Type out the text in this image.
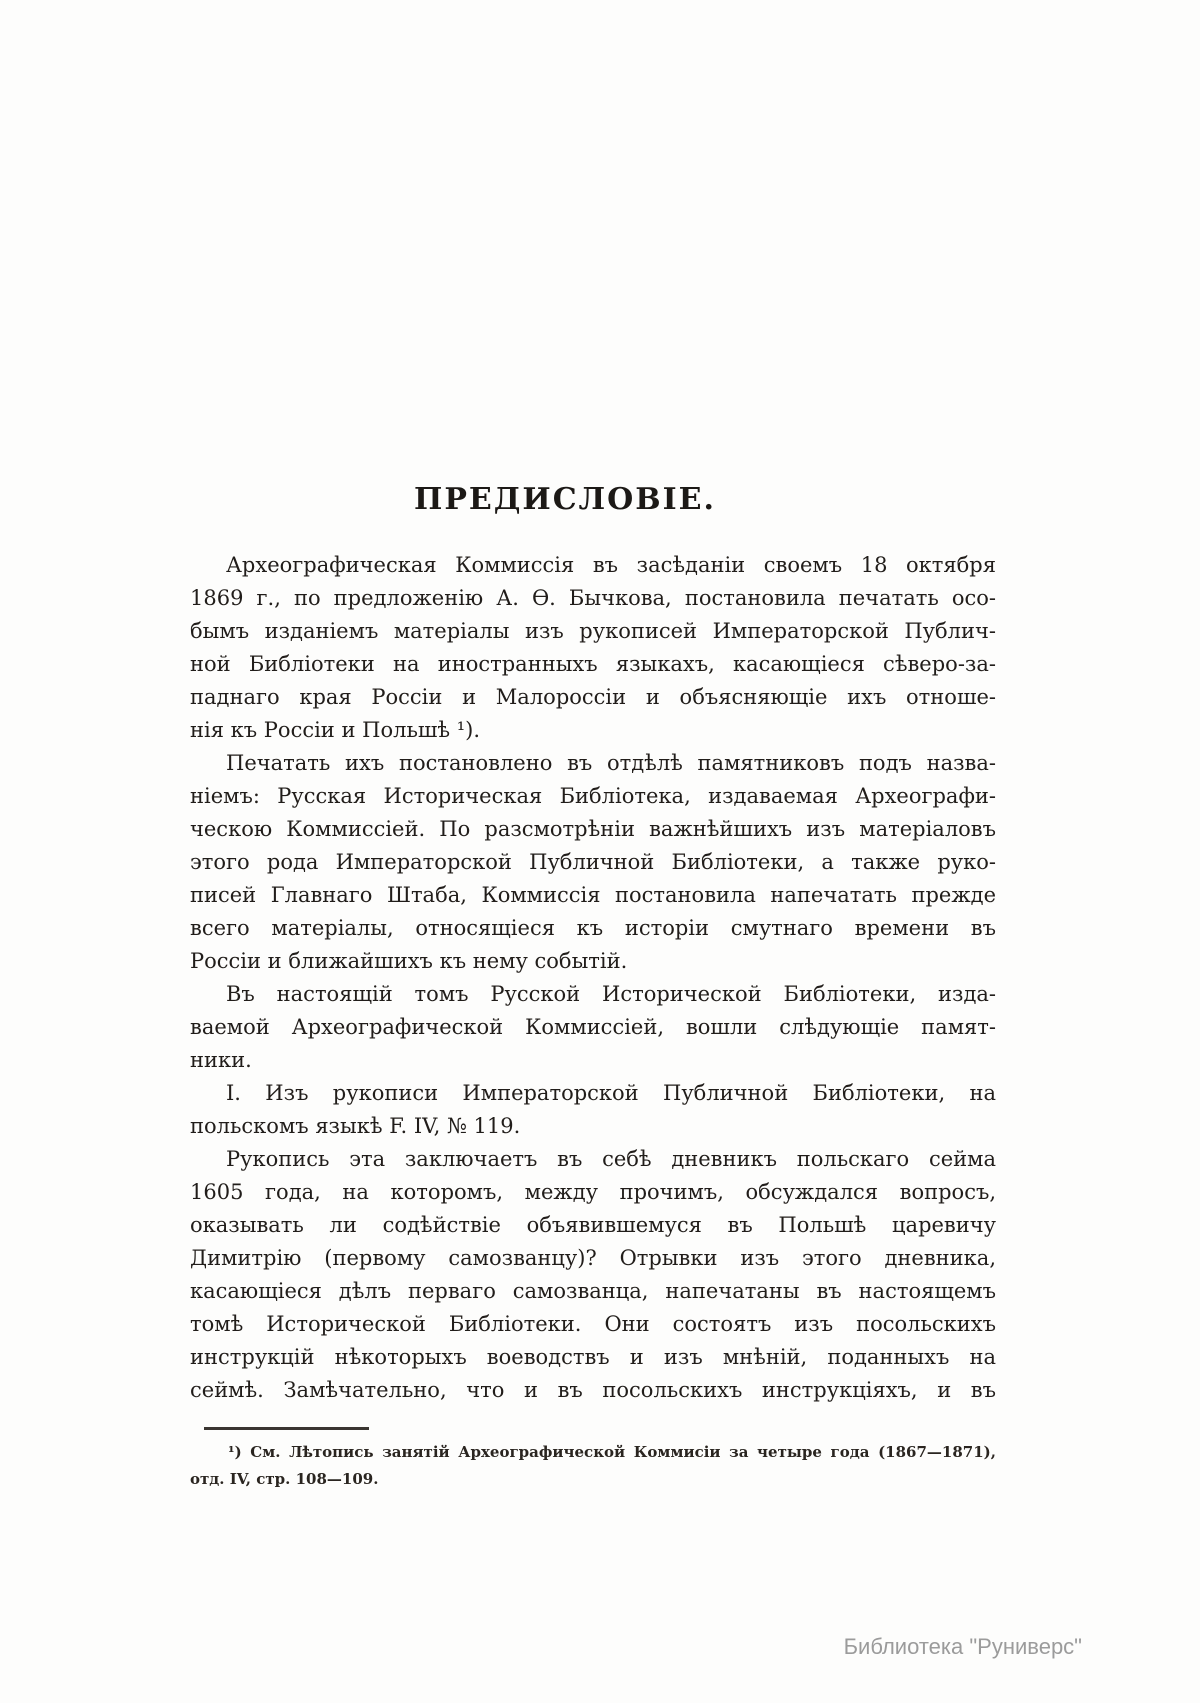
ПРЕДИСЛОВІЕ.
Археографическая Коммиссія въ засѣданіи своемъ 18 октября
1869 г., по предложенію А. Ѳ. Бычкова, постановила печатать осо-
бымъ изданіемъ матеріалы изъ рукописей Императорской Публич-
ной Библіотеки на иностранныхъ языкахъ, касающіеся сѣверо-за-
паднаго края Россіи и Малороссіи и объясняющіе ихъ отноше-
нія къ Россіи и Польшѣ ¹).
Печатать ихъ постановлено въ отдѣлѣ памятниковъ подъ назва-
ніемъ: Русская Историческая Библіотека, издаваемая Археографи-
ческою Коммиссіей. По разсмотрѣніи важнѣйшихъ изъ матеріаловъ
этого рода Императорской Публичной Библіотеки, а также руко-
писей Главнаго Штаба, Коммиссія постановила напечатать прежде
всего матеріалы, относящіеся къ исторіи смутнаго времени въ
Россіи и ближайшихъ къ нему событій.
Въ настоящій томъ Русской Исторической Библіотеки, изда-
ваемой Археографической Коммиссіей, вошли слѣдующіе памят-
ники.
I. Изъ рукописи Императорской Публичной Библіотеки, на
польскомъ языкѣ F. IV, № 119.
Рукопись эта заключаетъ въ себѣ дневникъ польскаго сейма
1605 года, на которомъ, между прочимъ, обсуждался вопросъ,
оказывать ли содѣйствіе объявившемуся въ Польшѣ царевичу
Димитрію (первому самозванцу)? Отрывки изъ этого дневника,
касающіеся дѣлъ перваго самозванца, напечатаны въ настоящемъ
томѣ Исторической Библіотеки. Они состоятъ изъ посольскихъ
инструкцій нѣкоторыхъ воеводствъ и изъ мнѣній, поданныхъ на
сеймѣ. Замѣчательно, что и въ посольскихъ инструкціяхъ, и въ
¹) См. Лѣтопись занятій Археографической Коммисіи за четыре года (1867—1871),
отд. IV, стр. 108—109.
Библиотека "Руниверс"
